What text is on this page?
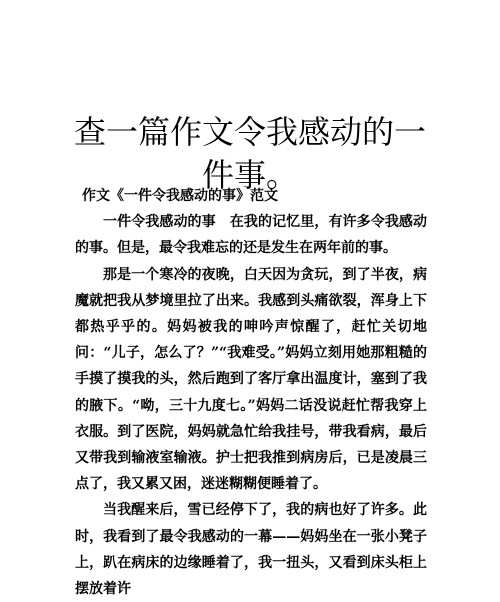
查一篇作文令我感动的一件事。

作文《一件令我感动的事》范文

一件令我感动的事　在我的记忆里，有许多令我感动的事。但是，最令我难忘的还是发生在两年前的事。

那是一个寒冷的夜晚，白天因为贪玩，到了半夜，病魔就把我从梦境里拉了出来。我感到头痛欲裂，浑身上下都热乎乎的。妈妈被我的呻吟声惊醒了，赶忙关切地问：“儿子，怎么了？”“我难受。”妈妈立刻用她那粗糙的手摸了摸我的头，然后跑到了客厅拿出温度计，塞到了我的腋下。“呦，三十九度七。”妈妈二话没说赶忙帮我穿上衣服。到了医院，妈妈就急忙给我挂号，带我看病，最后又带我到输液室输液。护士把我推到病房后，已是凌晨三点了，我又累又困，迷迷糊糊便睡着了。

当我醒来后，雪已经停下了，我的病也好了许多。此时，我看到了最令我感动的一幕——妈妈坐在一张小凳子上，趴在病床的边缘睡着了，我一扭头，又看到床头柜上摆放着许
